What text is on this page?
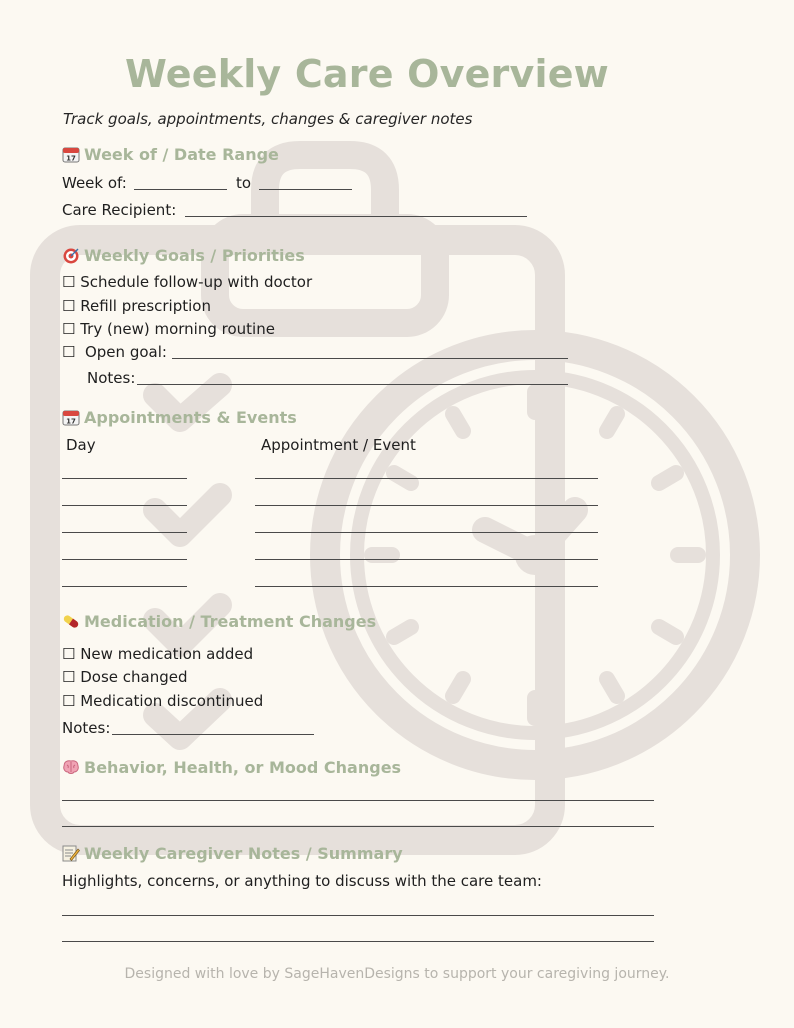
Weekly Care Overview
Track goals, appointments, changes & caregiver notes
17 Week of / Date Range
Week of:	to
Care Recipient:
Weekly Goals / Priorities
☐ Schedule follow-up with doctor
☐ Refill prescription
☐ Try (new) morning routine
☐  Open goal:
Notes:
17 Appointments & Events
Day	Appointment / Event
Medication / Treatment Changes
☐ New medication added
☐ Dose changed
☐ Medication discontinued
Notes:
Behavior, Health, or Mood Changes
Weekly Caregiver Notes / Summary
Highlights, concerns, or anything to discuss with the care team:
Designed with love by SageHavenDesigns to support your caregiving journey.
